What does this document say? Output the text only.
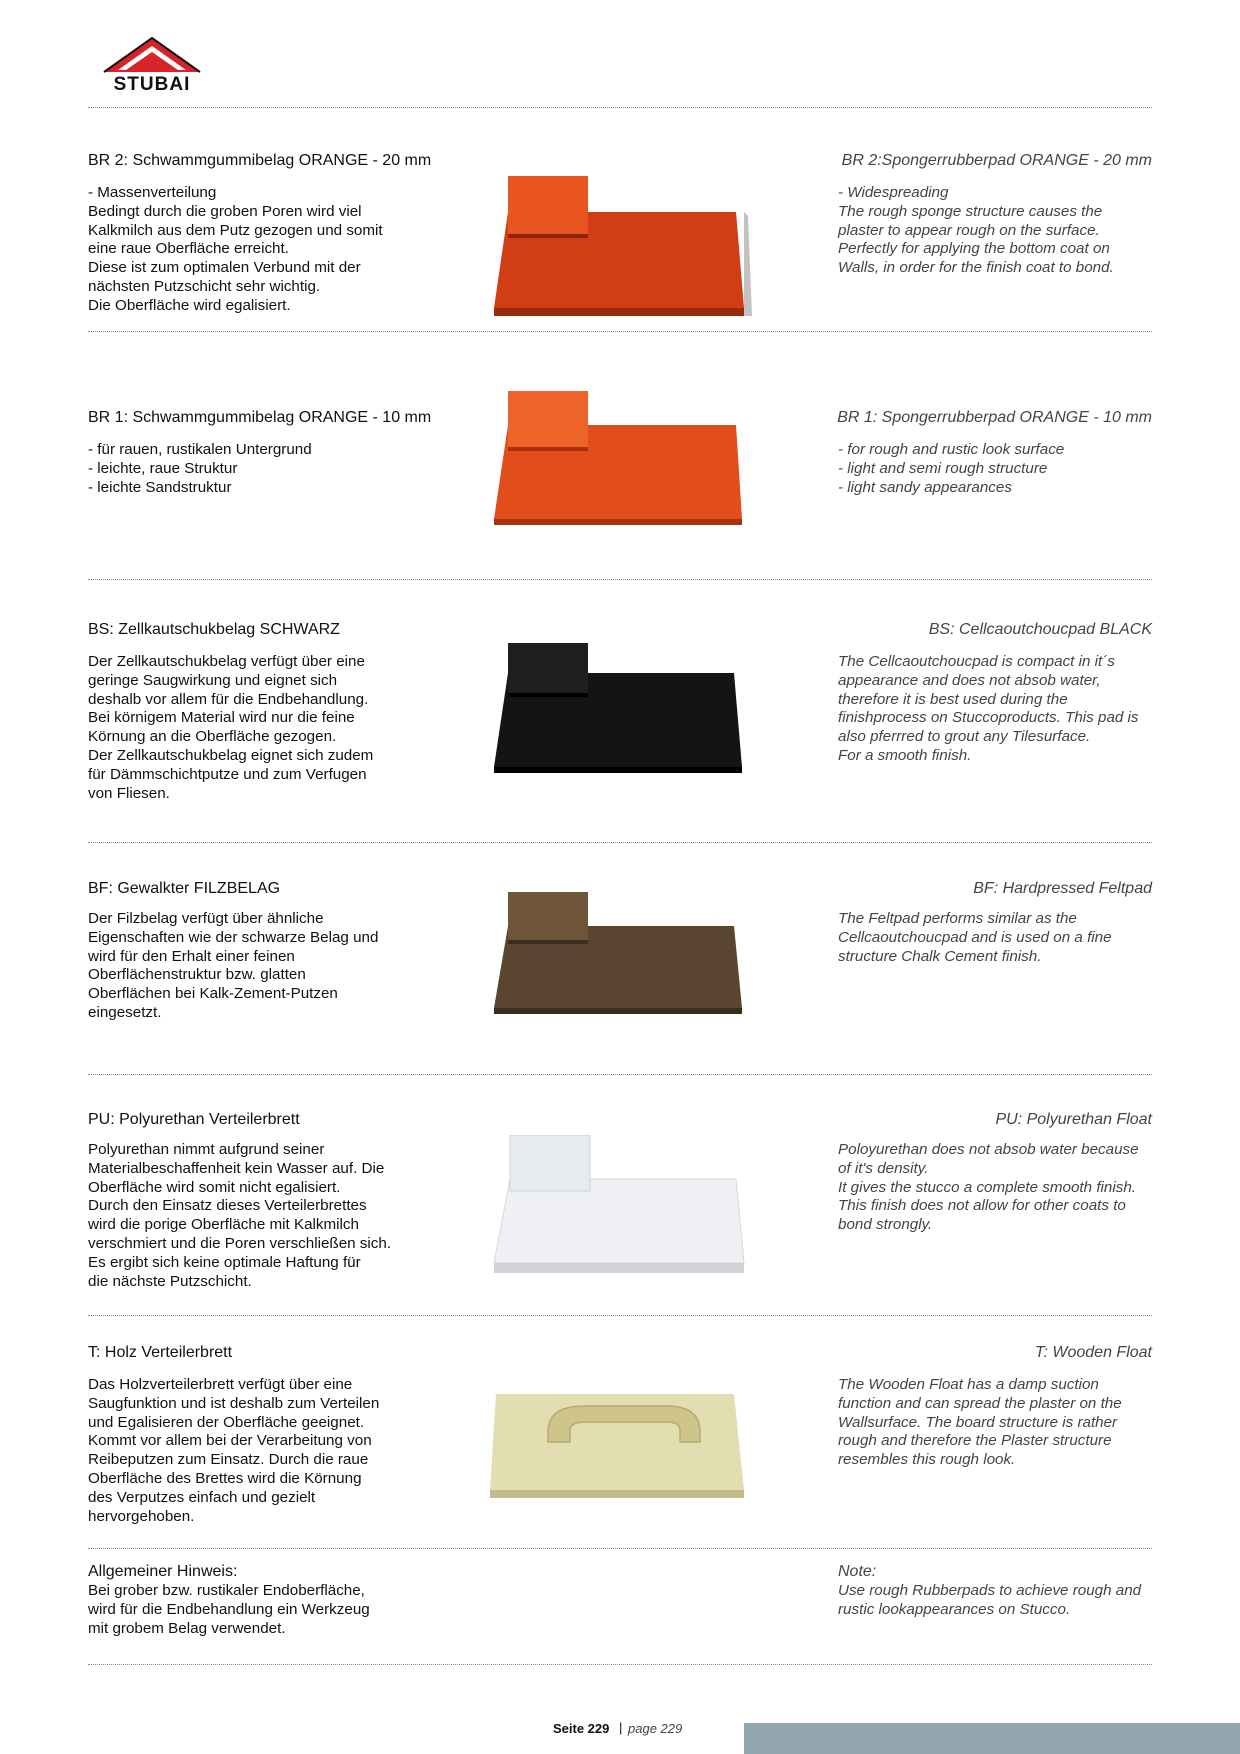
STUBAI
BR 2: Schwammgummibelag ORANGE - 20 mm
- Massenverteilung
Bedingt durch die groben Poren wird viel
Kalkmilch aus dem Putz gezogen und somit
eine raue Oberfläche erreicht.
Diese ist zum optimalen Verbund mit der
nächsten Putzschicht sehr wichtig.
Die Oberfläche wird egalisiert.
BR 2:Spongerrubberpad ORANGE - 20 mm
- Widespreading
The rough sponge structure causes the
plaster to appear rough on the surface.
Perfectly for applying the bottom coat on
Walls, in order for the finish coat to bond.
BR 1: Schwammgummibelag ORANGE - 10 mm
- für rauen, rustikalen Untergrund
- leichte, raue Struktur
- leichte Sandstruktur
BR 1: Spongerrubberpad ORANGE - 10 mm
- for rough and rustic look surface
- light and semi rough structure
- light sandy appearances
BS: Zellkautschukbelag SCHWARZ
Der Zellkautschukbelag verfügt über eine
geringe Saugwirkung und eignet sich
deshalb vor allem für die Endbehandlung.
Bei körnigem Material wird nur die feine
Körnung an die Oberfläche gezogen.
Der Zellkautschukbelag eignet sich zudem
für Dämmschichtputze und zum Verfugen
von Fliesen.
BS: Cellcaoutchoucpad BLACK
The Cellcaoutchoucpad is compact in it´s
appearance and does not absob water,
therefore it is best used during the
finishprocess on Stuccoproducts. This pad is
also pferrred to grout any Tilesurface.
For a smooth finish.
BF: Gewalkter FILZBELAG
Der Filzbelag verfügt über ähnliche
Eigenschaften wie der schwarze Belag und
wird für den Erhalt einer feinen
Oberflächenstruktur bzw. glatten
Oberflächen bei Kalk-Zement-Putzen
eingesetzt.
BF: Hardpressed Feltpad
The Feltpad performs similar as the
Cellcaoutchoucpad and is used on a fine
structure Chalk Cement finish.
PU: Polyurethan Verteilerbrett
Polyurethan nimmt aufgrund seiner
Materialbeschaffenheit kein Wasser auf. Die
Oberfläche wird somit nicht egalisiert.
Durch den Einsatz dieses Verteilerbrettes
wird die porige Oberfläche mit Kalkmilch
verschmiert und die Poren verschließen sich.
Es ergibt sich keine optimale Haftung für
die nächste Putzschicht.
PU: Polyurethan Float
Poloyurethan does not absob water because
of it's density.
It gives the stucco a complete smooth finish.
This finish does not allow for other coats to
bond strongly.
T: Holz Verteilerbrett
Das Holzverteilerbrett verfügt über eine
Saugfunktion und ist deshalb zum Verteilen
und Egalisieren der Oberfläche geeignet.
Kommt vor allem bei der Verarbeitung von
Reibeputzen zum Einsatz. Durch die raue
Oberfläche des Brettes wird die Körnung
des Verputzes einfach und gezielt
hervorgehoben.
T: Wooden Float
The Wooden Float has a damp suction
function and can spread the plaster on the
Wallsurface. The board structure is rather
rough and therefore the Plaster structure
resembles this rough look.
Allgemeiner Hinweis:
Bei grober bzw. rustikaler Endoberfläche,
wird für die Endbehandlung ein Werkzeug
mit grobem Belag verwendet.
Note:
Use rough Rubberpads to achieve rough and
rustic lookappearances on Stucco.
Seite 229 | page 229
